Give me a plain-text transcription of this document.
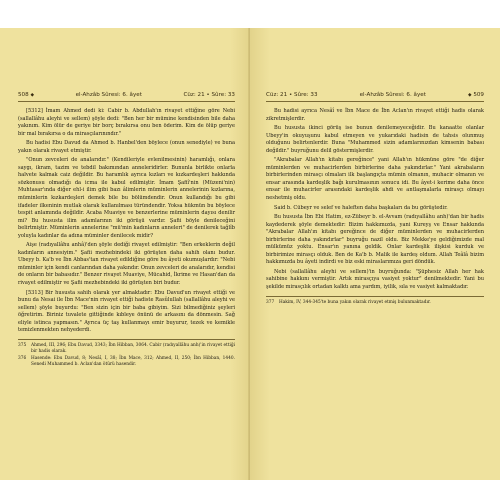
508 ◆	el-Ahzâb Sûresi: 6. âyet	Cüz: 21 • Sûre: 33

[5312] İmam Ahmed dedi ki: Cabir b. Abdullah'ın rivayet ettiğine göre Nebi (sallallâhu aleyhi ve sellem) şöyle dedi: "Ben her bir mümine kendisinden bile daha yakınım. Kim ölür de geriye bir borç bırakırsa onu ben öderim. Kim de ölüp geriye bir mal bırakırsa o da mirasçılarınındır."

Bu hadisi Ebu Davud da Ahmed b. Hanbel'den böylece (onun senediyle) ve buna yakın olarak rivayet etmiştir.

"Onun zevceleri de analarıdır." (Kendileriyle evlenilmesinin) haramlığı, onlara saygı, ikram, tazim ve tebdil bakımından anneleridirler. Bununla birlikte onlarla halvete kalmak caiz değildir. Bu haramlık ayrıca kızları ve kızkardeşleri hakkında sözkonusu olmadığı da icma ile kabul edilmiştir. İmam Şafiî'nin (Müzeni'nin) Muhtasar'ında diğer ehl-i ilim gibi bazı âlimlerin müminlerin annelerinin kızlarına, müminlerin kızkardeşleri demek bile bu bölümdendir. Onun kullandığı bu gibi ifadeler ilkeninin mutlak olarak kullanılması türündendir. Yoksa hükmün bu böylece tespit anlamında değildir. Acaba Muaviye ve benzerlerine müminlerin dayısı denilir mi? Bu hususta ilim adamlarının iki görüşü vardır. Şafii böyle denileceğini belirtmiştir. Müminlerin annelerine "mü'min kadınların anneleri" de denilerek tağlîb yoluyla kadınlar da adına müminler denilecek midir?

Aişe (radıyallâhu anhâ)'den şöyle dediği rivayet edilmiştir: "Ben erkeklerin değil kadınların annesiyim." Şafii mezhebindeki iki görüşten daha sahih olanı budur. Ubeyy b. Ka'b ve İbn Abbas'tan rivayet edildiğine göre bu âyeti okumuşlardır: "Nebi müminler için kendi canlarından daha yakındır. Onun zevceleri de analarıdır, kendisi de onların bir babasıdır." Benzer rivayet Muaviye, Mücahid, İkrime ve Hasan'dan da rivayet edilmiştir ve Şafii mezhebindeki iki görüşten biri budur.

[5313] Bir hususta sahih olarak yer almaktadır: Ebu Davud'un rivayet ettiği ve bunu da Nesai ile İbn Mace'nin rivayet ettiği hadiste Rasûlullah (sallallâhu aleyhi ve sellem) şöyle buyurdu: "Ben sizin için bir baba gibiyim. Sizi bilmediğiniz şeyleri öğretirim. Biriniz tuvalete gittiğinde kıbleye önünü de arkasını da dönmesin. Sağ eliyle istinca yapmasın." Ayrıca üç taş kullanmayı emir buyurur, tezek ve kemikle temizlenmekten nehyederdi.

375	Ahmed, III, 296; Ebu Davud, 3343; İbn Hibban, 3064. Cabir (radıyallâhu anh)'in rivayet ettiği bir hadis olarak.
376	Hasende: Ebu Davud, 8; Nesâî, I, 38; İbn Mace, 312; Ahmed, II, 250; İbn Hibban, 1440. Senedi Muhammed b. Aclan'dan ötürü hasendir.
Cüz: 21 • Sûre: 33	el-Ahzâb Sûresi: 6. âyet	◆ 509

Bu hadisi ayrıca Nesâî ve İbn Mace de İbn Aclan'ın rivayet ettiği hadis olarak zikretmişlerdir.

Bu hususta ikinci görüş ise bunun denilemeyeceğidir. Bu kanaatte olanlar Ubeyy'in okuyuşunu kabul etmeyen ve yukarıdaki hadisin de tahsis olunmuş olduğunu belirtenlerdir. Buna "Muhammed sizin adamlarınızdan kimsenin babası değildir." buyruğunu delil göstermişlerdir.

"Akrabalar Allah'ın kitabı gereğince" yani Allah'ın hükmüne göre "de diğer müminlerden ve muhacirlerden birbirlerine daha yakındırlar." Yani akrabaların birbirlerinden mirasçı olmaları ilk başlangıçta mümin olmanın, muhacir olmanın ve ensar arasında kardeşlik bağı kurulmasının sonucu idi. Bu âyet-i kerime daha önce ensar ile muhacirler arasındaki kardeşlik ahdi ve antlaşmalarla mirasçı olmayı neshetmiş oldu.

Said b. Cübeyr ve selef ve haleften daha başkaları da bu görüştedir.

Bu hususta İbn Ebi Hatim, ez-Zübeyr b. el-Avvam (radıyallâhu anh)'dan bir hadis kaydederek şöyle demektedir: Bizim hakkımızda, yani Kureyş ve Ensar hakkında "Akrabalar Allah'ın kitabı gereğince de diğer müminlerden ve muhacirlerden birbirlerine daha yakındırlar" buyruğu nazil oldu. Biz Mekke'ye geldiğimizde mal mülkümüz yoktu. Ensar'ın yanına geldik. Onlar kardeşlik ilişkisi kurduk ve birbirimize mirasçı olduk. Ben de Ka'b b. Malik ile kardeş oldum. Allah Teâlâ bizim hakkımızda bu âyeti indirdi ve biz eski miraslarımıza geri döndük.

Nebi (sallallâhu aleyhi ve sellem)'in buyruğunda: "Şüphesiz Allah her hak sahibine hakkını vermiştir. Artık mirasçıya vasiyet yoktur" denilmektedir. Yani bu şekilde mirasçılık ortadan kalktı ama yardım, iyilik, sıla ve vasiyet kalmaktadır.

377	Hakim, IV, 344-345'te buna yakın olarak rivayet etmiş bulunmaktadır.
